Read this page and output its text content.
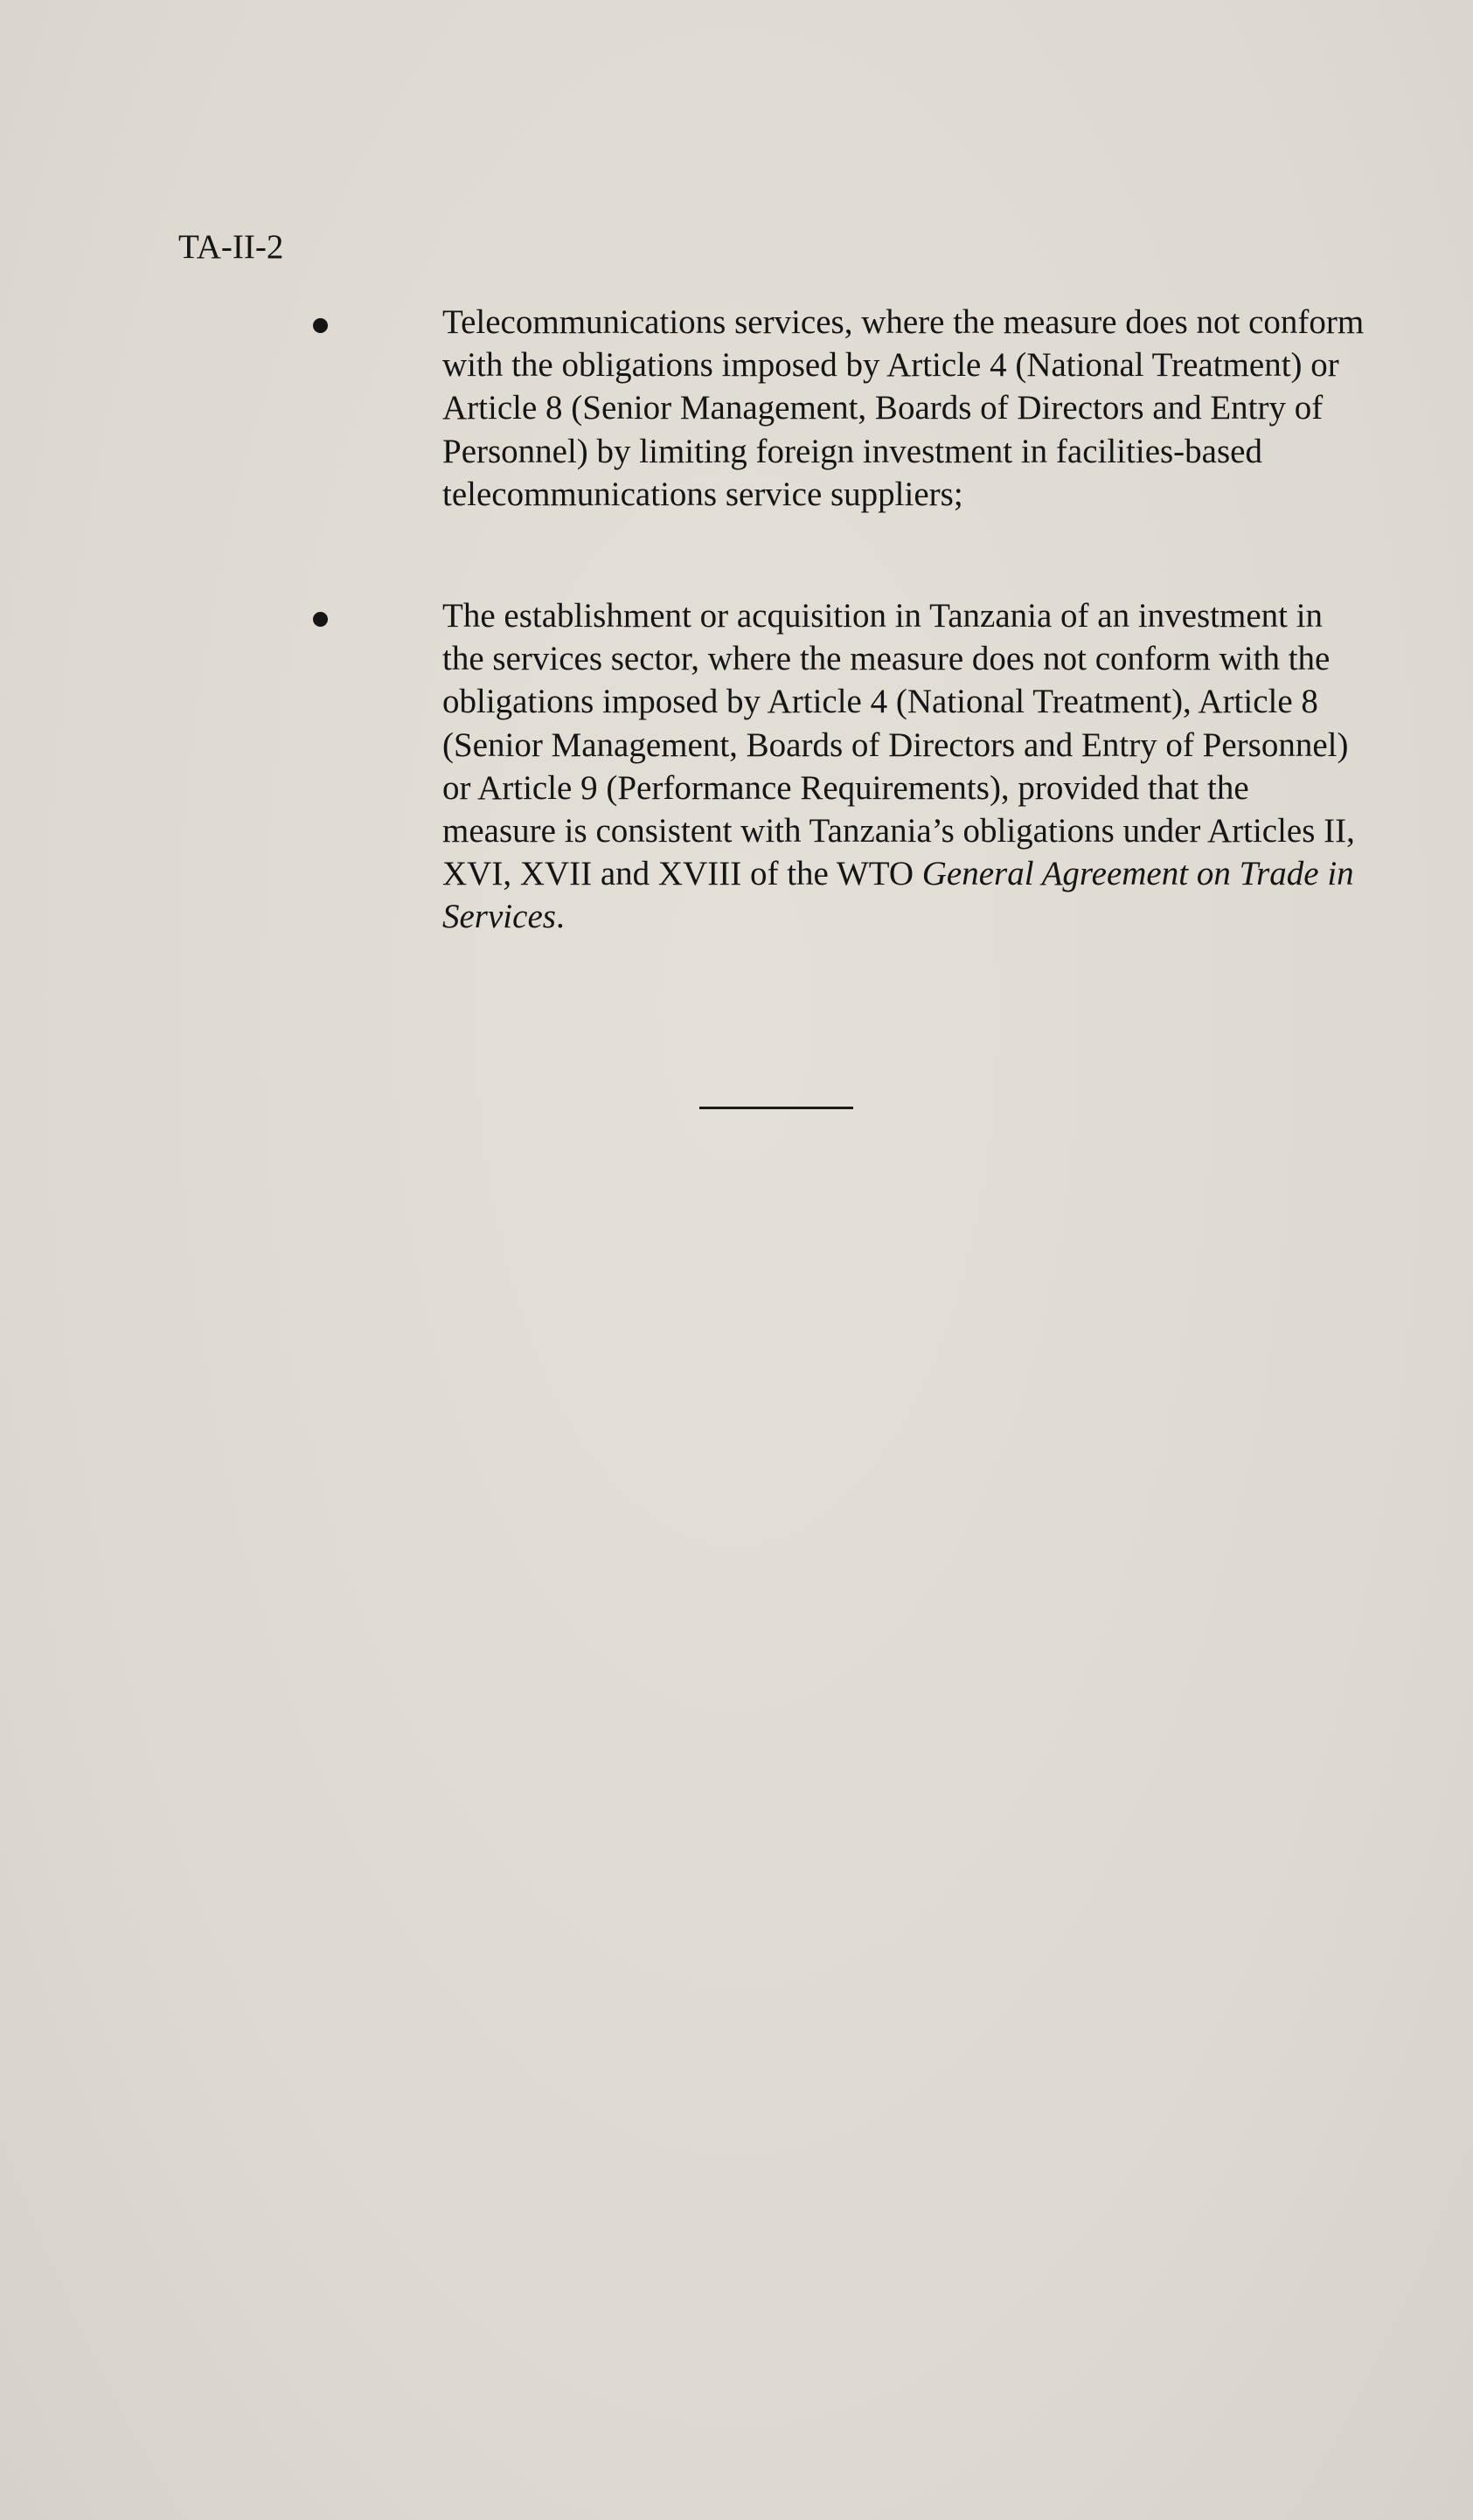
TA-II-2
Telecommunications services, where the measure does not conform with the obligations imposed by Article 4 (National Treatment) or Article 8 (Senior Management, Boards of Directors and Entry of Personnel) by limiting foreign investment in facilities-based telecommunications service suppliers;
The establishment or acquisition in Tanzania of an investment in the services sector, where the measure does not conform with the obligations imposed by Article 4 (National Treatment), Article 8 (Senior Management, Boards of Directors and Entry of Personnel) or Article 9 (Performance Requirements), provided that the measure is consistent with Tanzania’s obligations under Articles II, XVI, XVII and XVIII of the WTO General Agreement on Trade in Services.
